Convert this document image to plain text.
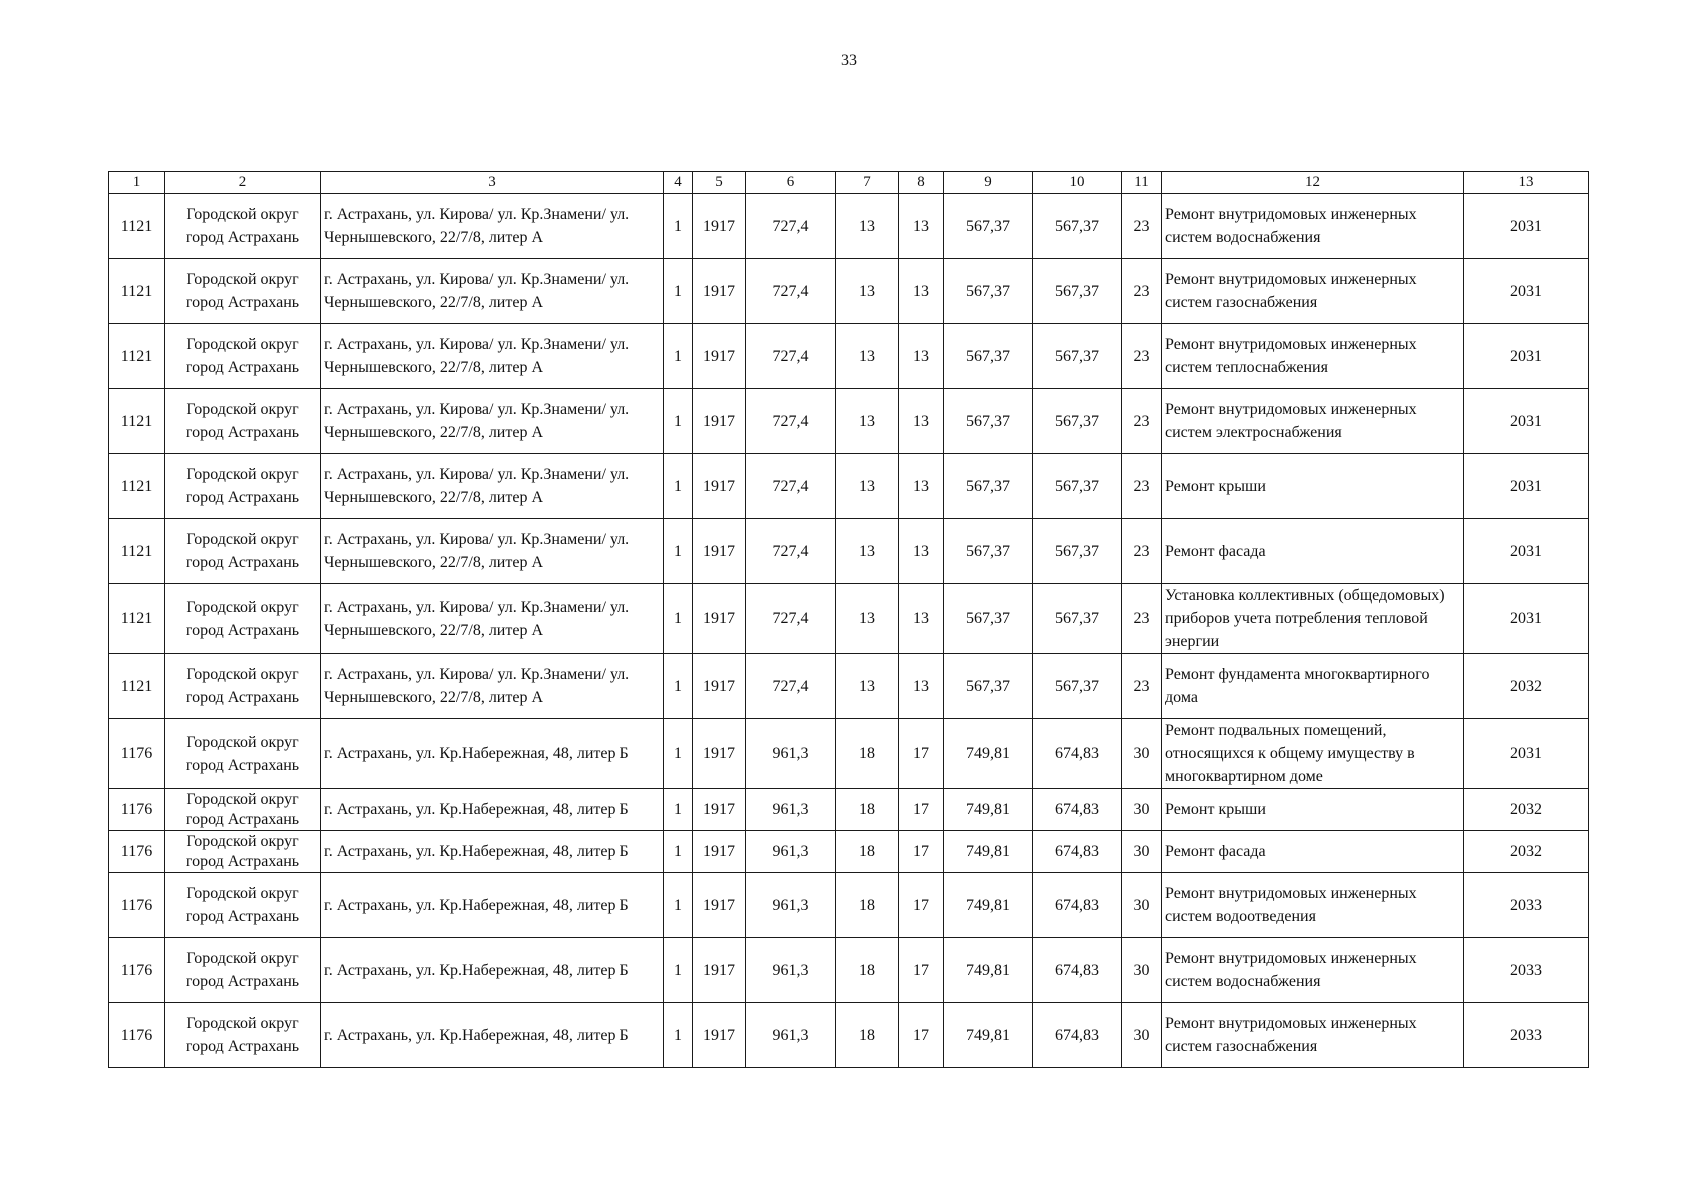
33
1	2	3	4	5	6	7	8	9	10	11	12	13
1121	Городской округ город Астрахань	г. Астрахань, ул. Кирова/ ул. Кр.Знамени/ ул. Чернышевского, 22/7/8, литер А	1	1917	727,4	13	13	567,37	567,37	23	Ремонт внутридомовых инженерных систем водоснабжения	2031
1121	Городской округ город Астрахань	г. Астрахань, ул. Кирова/ ул. Кр.Знамени/ ул. Чернышевского, 22/7/8, литер А	1	1917	727,4	13	13	567,37	567,37	23	Ремонт внутридомовых инженерных систем газоснабжения	2031
1121	Городской округ город Астрахань	г. Астрахань, ул. Кирова/ ул. Кр.Знамени/ ул. Чернышевского, 22/7/8, литер А	1	1917	727,4	13	13	567,37	567,37	23	Ремонт внутридомовых инженерных систем теплоснабжения	2031
1121	Городской округ город Астрахань	г. Астрахань, ул. Кирова/ ул. Кр.Знамени/ ул. Чернышевского, 22/7/8, литер А	1	1917	727,4	13	13	567,37	567,37	23	Ремонт внутридомовых инженерных систем электроснабжения	2031
1121	Городской округ город Астрахань	г. Астрахань, ул. Кирова/ ул. Кр.Знамени/ ул. Чернышевского, 22/7/8, литер А	1	1917	727,4	13	13	567,37	567,37	23	Ремонт крыши	2031
1121	Городской округ город Астрахань	г. Астрахань, ул. Кирова/ ул. Кр.Знамени/ ул. Чернышевского, 22/7/8, литер А	1	1917	727,4	13	13	567,37	567,37	23	Ремонт фасада	2031
1121	Городской округ город Астрахань	г. Астрахань, ул. Кирова/ ул. Кр.Знамени/ ул. Чернышевского, 22/7/8, литер А	1	1917	727,4	13	13	567,37	567,37	23	Установка коллективных (общедомовых) приборов учета потребления тепловой энергии	2031
1121	Городской округ город Астрахань	г. Астрахань, ул. Кирова/ ул. Кр.Знамени/ ул. Чернышевского, 22/7/8, литер А	1	1917	727,4	13	13	567,37	567,37	23	Ремонт фундамента многоквартирного дома	2032
1176	Городской округ город Астрахань	г. Астрахань, ул. Кр.Набережная, 48, литер Б	1	1917	961,3	18	17	749,81	674,83	30	Ремонт подвальных помещений, относящихся к общему имуществу в многоквартирном доме	2031
1176	Городской округ город Астрахань	г. Астрахань, ул. Кр.Набережная, 48, литер Б	1	1917	961,3	18	17	749,81	674,83	30	Ремонт крыши	2032
1176	Городской округ город Астрахань	г. Астрахань, ул. Кр.Набережная, 48, литер Б	1	1917	961,3	18	17	749,81	674,83	30	Ремонт фасада	2032
1176	Городской округ город Астрахань	г. Астрахань, ул. Кр.Набережная, 48, литер Б	1	1917	961,3	18	17	749,81	674,83	30	Ремонт внутридомовых инженерных систем водоотведения	2033
1176	Городской округ город Астрахань	г. Астрахань, ул. Кр.Набережная, 48, литер Б	1	1917	961,3	18	17	749,81	674,83	30	Ремонт внутридомовых инженерных систем водоснабжения	2033
1176	Городской округ город Астрахань	г. Астрахань, ул. Кр.Набережная, 48, литер Б	1	1917	961,3	18	17	749,81	674,83	30	Ремонт внутридомовых инженерных систем газоснабжения	2033
